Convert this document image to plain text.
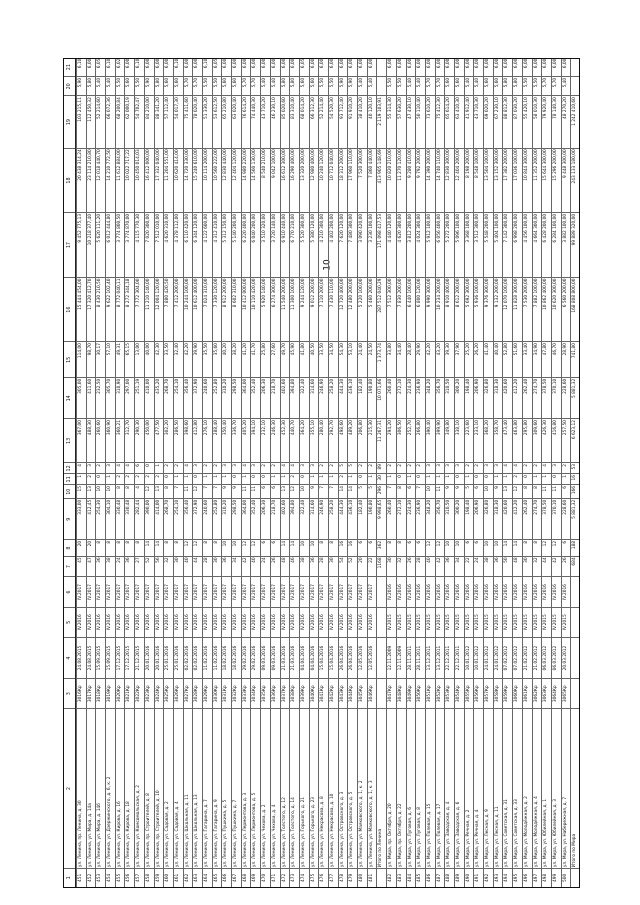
10
1
2
3
4
5
6
7
8
9
10
11
12
13
14
15
16
17
18
19
20
21
451
ул. Ленина, пр. Ленина, д. 30
3016Кр
24.08.2015
IV.2016
IV.2017
45
20
333,00
15
1
4
367,00
305,00
114,00
15 444 454,00
9 452 775,13
20 438 314,24
103 215,11
5,90
6,10
452
ул. Ленина, ул. Мира, д. 14а
3017Кр
24.08.2015
IV.2016
IV.2017
47
20
412,45
13
2
3
488,30
411,60
98,70
17 320 412,70
10 218 377,40
23 114 210,80
112 450,32
5,80
6,00
453
ул. Ленина, ул. Мира, д. 14б
3018Кр
15.09.2015
IV.2016
IV.2017
36
8
254,30
10
0
2
260,60
232,50
30,17
8 430 210,50
5 620 111,20
12 018 440,70
52 214,60
5,40
6,05
454
ул. Ленина, ул. Дзержинского, д. 6, к. 2
3019Кр
15.09.2015
IV.2016
IV.2017
38
8
304,10
10
1
3
360,90
305,70
57,10
9 622 102,40
6 012 444,80
14 210 772,50
66 072,36
5,40
6,10
455
ул. Ленина, ул. Кирова, д. 16
3020Кр
17.12.2015
IV.2016
IV.2017
24
8
330,48
8
2
4
360,21
310,90
49,31
8 772 040,11
3 774 800,50
11 612 884,00
68 200,84
5,50
6,02
456
ул. Ленина, ул. Кирова, д. 18
3021Кр
17.12.2015
IV.2016
IV.2017
36
8
330,48
8
2
4
312,70
297,00
65,15
8 272 344,18
3 774 870,00
10 022 717,22
62 000,19
5,60
6,00
457
ул. Ленина, ул. Комсомольская, д. 2
3022Кр
21.12.2015
IV.2016
IV.2017
27
8
282,44
4
2
6
290,30
251,19
13,00
7 772 304,00
4 115 770,30
10 450 014,03
54 702,47
5,50
6,10
458
ул. Ленина, пр. Строителей, д. 8
3023Кр
20.01.2016
IV.2016
IV.2017
52
14
390,00
12
2
0
450,00
410,00
40,00
11 210 140,00
7 020 300,00
16 412 000,00
84 210,00
5,90
6,00
459
ул. Ленина, пр. Строителей, д. 10
3024Кр
20.01.2016
IV.2016
IV.2017
56
14
414,00
13
2
1
477,50
435,20
42,30
12 004 120,00
7 512 010,00
17 332 040,00
88 341,20
5,80
6,00
460
ул. Ленина, ул. Садовая, д. 2
3025Кр
25.01.2016
IV.2016
IV.2017
32
8
268,70
8
0
2
302,20
268,70
33,50
7 880 420,50
4 620 310,00
11 204 551,00
57 112,40
5,60
6,00
461
ул. Ленина, ул. Садовая, д. 4
3026Кр
25.01.2016
IV.2016
IV.2017
30
8
254,10
7
1
2
286,50
254,10
32,40
7 412 200,00
4 378 112,00
10 620 414,00
54 017,30
5,60
6,10
462
ул. Ленина, ул. Школьная, д. 11
3027Кр
02.02.2016
IV.2016
IV.2017
40
12
356,40
11
1
4
398,60
356,40
42,20
10 244 100,00
6 110 420,00
14 720 330,00
75 411,60
5,70
6,00
463
ул. Ленина, ул. Школьная, д. 13
3028Кр
02.02.2016
IV.2016
IV.2017
44
12
372,90
12
0
3
412,80
372,90
39,90
10 612 400,00
6 344 120,00
15 240 610,00
78 020,40
5,70
6,00
464
ул. Ленина, ул. Гагарина, д. 7
3029Кр
11.02.2016
IV.2016
IV.2017
28
8
240,60
7
1
2
276,10
240,60
35,50
7 024 310,00
4 122 600,00
10 114 200,00
51 330,20
5,50
6,10
465
ул. Ленина, ул. Гагарина, д. 9
3030Кр
11.02.2016
IV.2016
IV.2017
30
8
252,80
7
1
2
288,40
252,80
35,60
7 330 120,00
4 312 410,00
10 560 222,00
53 612,50
5,50
6,05
466
ул. Ленина, ул. Пушкина, д. 5
3031Кр
18.02.2016
IV.2016
IV.2017
36
10
310,20
9
1
3
350,40
310,20
40,20
8 912 200,00
5 312 150,00
12 830 440,00
65 210,80
5,60
6,00
467
ул. Ленина, ул. Пушкина, д. 7
3032Кр
18.02.2016
IV.2016
IV.2017
34
10
298,50
9
0
3
336,70
298,50
38,20
8 602 310,00
5 140 200,00
12 404 120,00
63 020,40
5,60
6,00
468
ул. Ленина, ул. Лермонтова, д. 3
3033Кр
29.02.2016
IV.2016
IV.2017
42
12
364,00
11
1
4
405,20
364,00
41,20
10 412 000,00
6 220 400,00
14 980 220,00
76 614,20
5,70
6,00
469
ул. Ленина, ул. Лермонтова, д. 5
3034Кр
29.02.2016
IV.2016
IV.2017
40
12
352,40
11
0
3
394,10
352,40
41,70
10 110 420,00
6 040 200,00
14 560 130,00
74 440,30
5,70
6,00
470
ул. Ленина, ул. Чехова, д. 2
3035Кр
09.03.2016
IV.2016
IV.2017
24
6
206,30
6
0
2
232,10
206,30
25,80
5 920 140,00
3 510 320,00
8 540 210,00
43 710,20
5,40
6,00
471
ул. Ленина, ул. Чехова, д. 4
3036Кр
09.03.2016
IV.2016
IV.2017
26
6
218,70
6
1
2
246,30
218,70
27,60
6 274 300,00
3 720 140,00
9 042 100,00
46 230,10
5,40
6,00
472
ул. Ленина, ул. Толстого, д. 12
3037Кр
21.03.2016
IV.2016
IV.2017
48
14
402,60
13
1
4
452,30
402,60
49,70
11 540 200,00
6 910 440,00
16 612 300,00
85 020,60
5,80
6,00
473
ул. Ленина, ул. Толстого, д. 14
3038Кр
21.03.2016
IV.2016
IV.2017
46
14
394,80
12
2
4
440,70
394,80
45,90
11 300 100,00
6 770 210,00
16 290 400,00
83 310,40
5,80
6,00
474
ул. Ленина, ул. Горького, д. 21
3039Кр
04.04.2016
IV.2016
IV.2017
38
10
322,40
10
0
3
364,20
322,40
41,80
9 244 120,00
5 520 300,00
13 320 200,00
68 014,20
5,60
6,05
475
ул. Ленина, ул. Горького, д. 23
3040Кр
04.04.2016
IV.2016
IV.2017
36
10
314,60
9
1
3
355,10
314,60
40,50
9 012 200,00
5 380 120,00
12 980 400,00
66 312,30
5,60
6,00
476
ул. Ленина, ул. Некрасова, д. 8
3041Кр
15.04.2016
IV.2016
IV.2017
28
8
246,90
7
1
2
280,40
246,90
33,50
7 110 200,00
4 210 300,00
10 240 120,00
52 214,40
5,50
6,00
477
ул. Ленина, ул. Некрасова, д. 10
3042Кр
15.04.2016
IV.2016
IV.2017
30
8
258,20
7
1
2
292,70
258,20
34,50
7 430 110,00
4 402 200,00
10 712 040,00
54 520,30
5,50
6,00
478
ул. Ленина, ул. Островского, д. 3
3043Кр
26.04.2016
IV.2016
IV.2017
54
16
444,30
14
2
5
498,60
444,30
54,30
12 720 400,00
7 620 120,00
18 312 200,00
93 712,40
5,90
6,00
479
ул. Ленина, ул. Островского, д. 5
3044Кр
26.04.2016
IV.2016
IV.2017
52
16
436,10
14
1
5
489,20
436,10
53,10
12 480 200,00
7 480 300,00
17 960 110,00
91 910,20
5,90
6,00
480
ул. Ленина, ул. Маяковского, д. 1, к. 2
3045Кр
12.05.2016
IV.2016
IV.2017
20
6
182,40
5
0
2
206,80
182,40
24,40
5 220 100,00
3 090 420,00
7 520 300,00
38 410,20
5,40
6,00
481
ул. Ленина, ул. Маяковского, д. 1, к. 3
3046Кр
12.05.2016
IV.2016
IV.2017
22
6
190,80
5
1
2
215,30
190,80
24,50
5 460 200,00
3 230 100,00
7 860 440,00
40 120,10
5,40
6,00
Итого по Ленина
1168
362
9 998,65
296
30
89
11 267,31
10 071,66
1 373,74
287 512 040,29
171 098 417,53
413 905 148,69
2 119 103,91
482
ул. Мира, пр. Октября, д. 20
3047Кр
12.11.2009
IV.2015
IV.2016
30
8
260,40
7
1
2
294,20
260,40
33,80
7 512 300,00
4 440 120,00
10 820 210,00
55 314,30
5,50
6,00
483
ул. Мира, пр. Октября, д. 22
3048Кр
12.11.2009
IV.2015
IV.2016
32
8
272,10
8
0
2
306,50
272,10
34,40
7 830 200,00
4 620 300,00
11 270 120,00
57 630,20
5,50
6,00
484
ул. Мира, ул. Луговая, д. 6
3049Кр
28.11.2011
IV.2015
IV.2016
26
6
224,30
6
1
2
252,70
224,30
28,40
6 440 100,00
3 812 200,00
9 280 410,00
47 430,10
5,40
6,00
485
ул. Мира, ул. Луговая, д. 8
3050Кр
28.11.2011
IV.2015
IV.2016
28
6
236,90
7
0
2
266,80
236,90
29,90
6 800 120,00
4 024 300,00
9 792 200,00
50 110,40
5,40
6,00
486
ул. Мира, ул. Полевая, д. 15
3051Кр
13.12.2011
IV.2015
IV.2016
40
12
348,20
10
1
3
390,40
348,20
42,20
9 990 300,00
5 912 100,00
14 390 200,00
73 610,20
5,70
6,00
487
ул. Мира, ул. Полевая, д. 17
3052Кр
13.12.2011
IV.2015
IV.2016
42
12
356,70
11
1
3
399,90
356,70
43,20
10 234 200,00
6 056 400,00
14 740 110,00
75 412,30
5,70
6,00
488
ул. Мира, ул. Заводская, д. 4
3053Кр
22.12.2011
IV.2015
IV.2016
36
10
310,50
9
1
3
349,80
310,50
39,30
8 910 400,00
5 272 200,00
12 830 300,00
65 614,20
5,60
6,00
489
ул. Мира, ул. Заводская, д. 6
3054Кр
22.12.2011
IV.2015
IV.2016
34
10
300,20
9
0
3
338,10
300,20
37,90
8 612 200,00
5 096 100,00
12 404 200,00
63 410,30
5,60
6,00
490
ул. Мира, ул. Речная, д. 2
3055Кр
10.01.2012
IV.2015
IV.2016
22
6
198,40
5
1
2
223,60
198,40
25,20
5 692 300,00
3 368 100,00
8 198 200,00
41 912,40
5,40
6,00
491
ул. Мира, ул. Речная, д. 4
3056Кр
10.01.2012
IV.2015
IV.2016
24
6
206,90
6
0
2
233,10
206,90
26,20
5 936 100,00
3 512 300,00
8 548 100,00
43 710,30
5,40
6,00
492
ул. Мира, ул. Лесная, д. 9
3057Кр
24.01.2012
IV.2015
IV.2016
38
10
326,80
10
0
3
368,20
326,80
41,40
9 376 300,00
5 548 200,00
13 504 100,00
69 020,20
5,60
6,00
493
ул. Мира, ул. Лесная, д. 11
3058Кр
24.01.2012
IV.2015
IV.2016
36
10
318,30
9
1
3
358,70
318,30
40,40
9 132 200,00
5 404 100,00
13 152 300,00
67 230,10
5,60
6,00
494
ул. Мира, ул. Советская, д. 31
3059Кр
07.02.2012
IV.2015
IV.2016
50
14
420,60
13
1
4
473,40
420,60
52,80
12 070 100,00
7 142 300,00
17 382 200,00
88 812,30
5,80
6,00
495
ул. Мира, ул. Советская, д. 33
3060Кр
07.02.2012
IV.2015
IV.2016
48
14
412,20
12
2
4
463,80
412,20
51,60
11 828 300,00
6 998 200,00
17 036 100,00
87 030,20
5,80
6,00
496
ул. Мира, ул. Молодёжная, д. 2
3061Кр
21.02.2012
IV.2015
IV.2016
30
8
262,40
8
0
2
295,80
262,40
33,40
7 530 200,00
4 456 100,00
10 844 300,00
55 420,10
5,50
6,00
497
ул. Мира, ул. Молодёжная, д. 4
3062Кр
21.02.2012
IV.2015
IV.2016
32
8
274,70
8
1
2
309,60
274,70
34,90
7 882 100,00
4 664 300,00
11 352 200,00
58 010,30
5,50
6,00
498
ул. Мира, ул. Юбилейная, д. 1
3063Кр
06.03.2012
IV.2015
IV.2016
44
12
378,50
11
1
4
426,30
378,50
47,80
10 862 400,00
6 428 200,00
15 644 300,00
79 920,40
5,70
6,00
499
ул. Мира, ул. Юбилейная, д. 3
3064Кр
06.03.2012
IV.2015
IV.2016
42
12
370,10
11
0
3
416,80
370,10
46,70
10 620 300,00
6 284 100,00
15 296 200,00
78 140,30
5,70
6,00
500
ул. Мира, ул. Набережная, д. 7
3065Кр
20.03.2012
IV.2015
IV.2016
26
6
228,60
6
1
2
257,50
228,60
28,90
6 560 200,00
3 882 100,00
9 448 300,00
48 270,20
5,40
6,00
Итого по Мира
684
188
5 881,32
166
16
53
6 623,12
5 881,32
741,80
168 808 800,00
99 889 320,00
243 133 180,00
1 242 410,60
